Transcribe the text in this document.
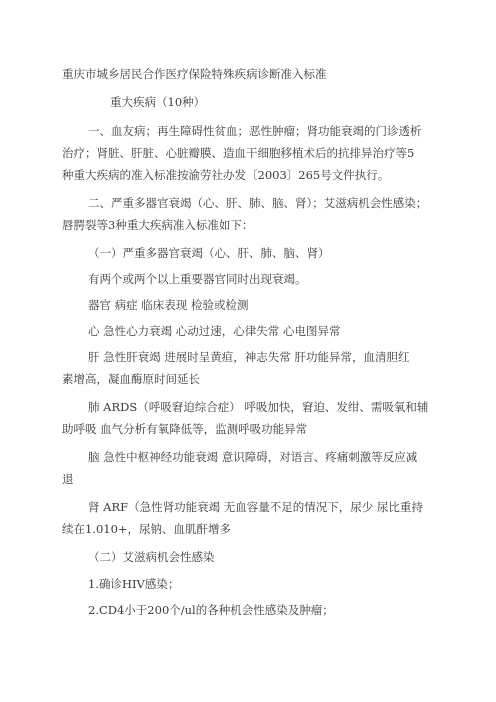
重庆市城乡居民合作医疗保险特殊疾病诊断准入标准
重大疾病（10种）
一、血友病；再生障碍性贫血；恶性肿瘤；肾功能衰竭的门诊透析
治疗；肾脏、肝脏、心脏瓣膜、造血干细胞移植术后的抗排异治疗等5
种重大疾病的准入标准按渝劳社办发〔2003〕265号文件执行。
二、严重多器官衰竭（心、肝、肺、脑、肾）；艾滋病机会性感染；
唇腭裂等3种重大疾病准入标准如下：
（一）严重多器官衰竭（心、肝、肺、脑、肾）
有两个或两个以上重要器官同时出现衰竭。
器官 病症 临床表现 检验或检测
心 急性心力衰竭 心动过速，心律失常 心电图异常
肝 急性肝衰竭 进展时呈黄疸，神志失常 肝功能异常，血清胆红
素增高，凝血酶原时间延长
肺 ARDS（呼吸窘迫综合症） 呼吸加快，窘迫、发绀、需吸氧和辅
助呼吸 血气分析有氧降低等，监测呼吸功能异常
脑 急性中枢神经功能衰竭 意识障碍，对语言、疼痛刺激等反应减
退
肾 ARF（急性肾功能衰竭 无血容量不足的情况下，尿少 尿比重持
续在1.010+，尿钠、血肌酐增多
（二）艾滋病机会性感染
1.确诊HIV感染；
2.CD4小于200个/ul的各种机会性感染及肿瘤；
